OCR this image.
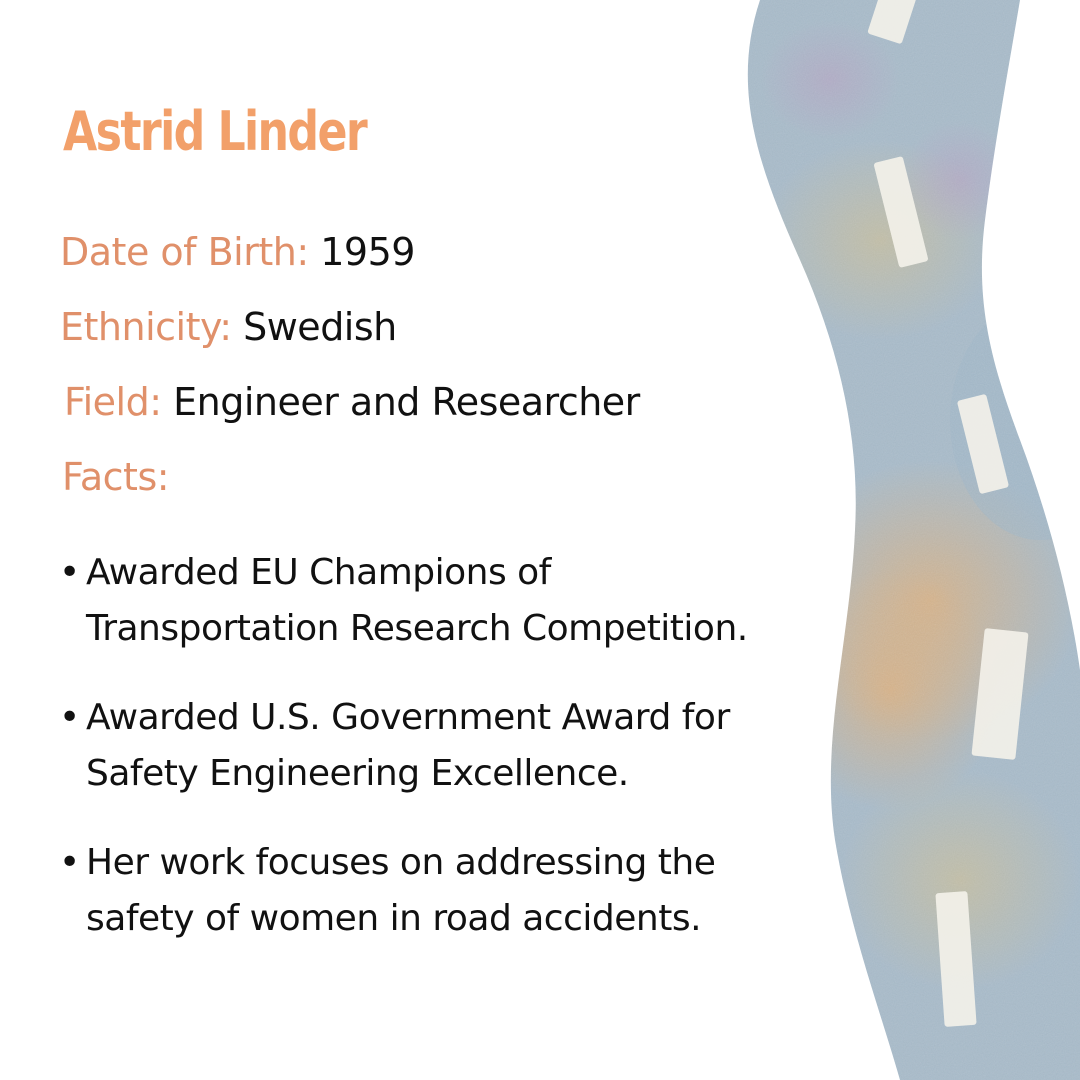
Astrid Linder

Date of Birth: 1959

Ethnicity: Swedish

Field: Engineer and Researcher

Facts:

• Awarded EU Champions of
Transportation Research Competition.
• Awarded U.S. Government Award for
Safety Engineering Excellence.
• Her work focuses on addressing the
safety of women in road accidents.
